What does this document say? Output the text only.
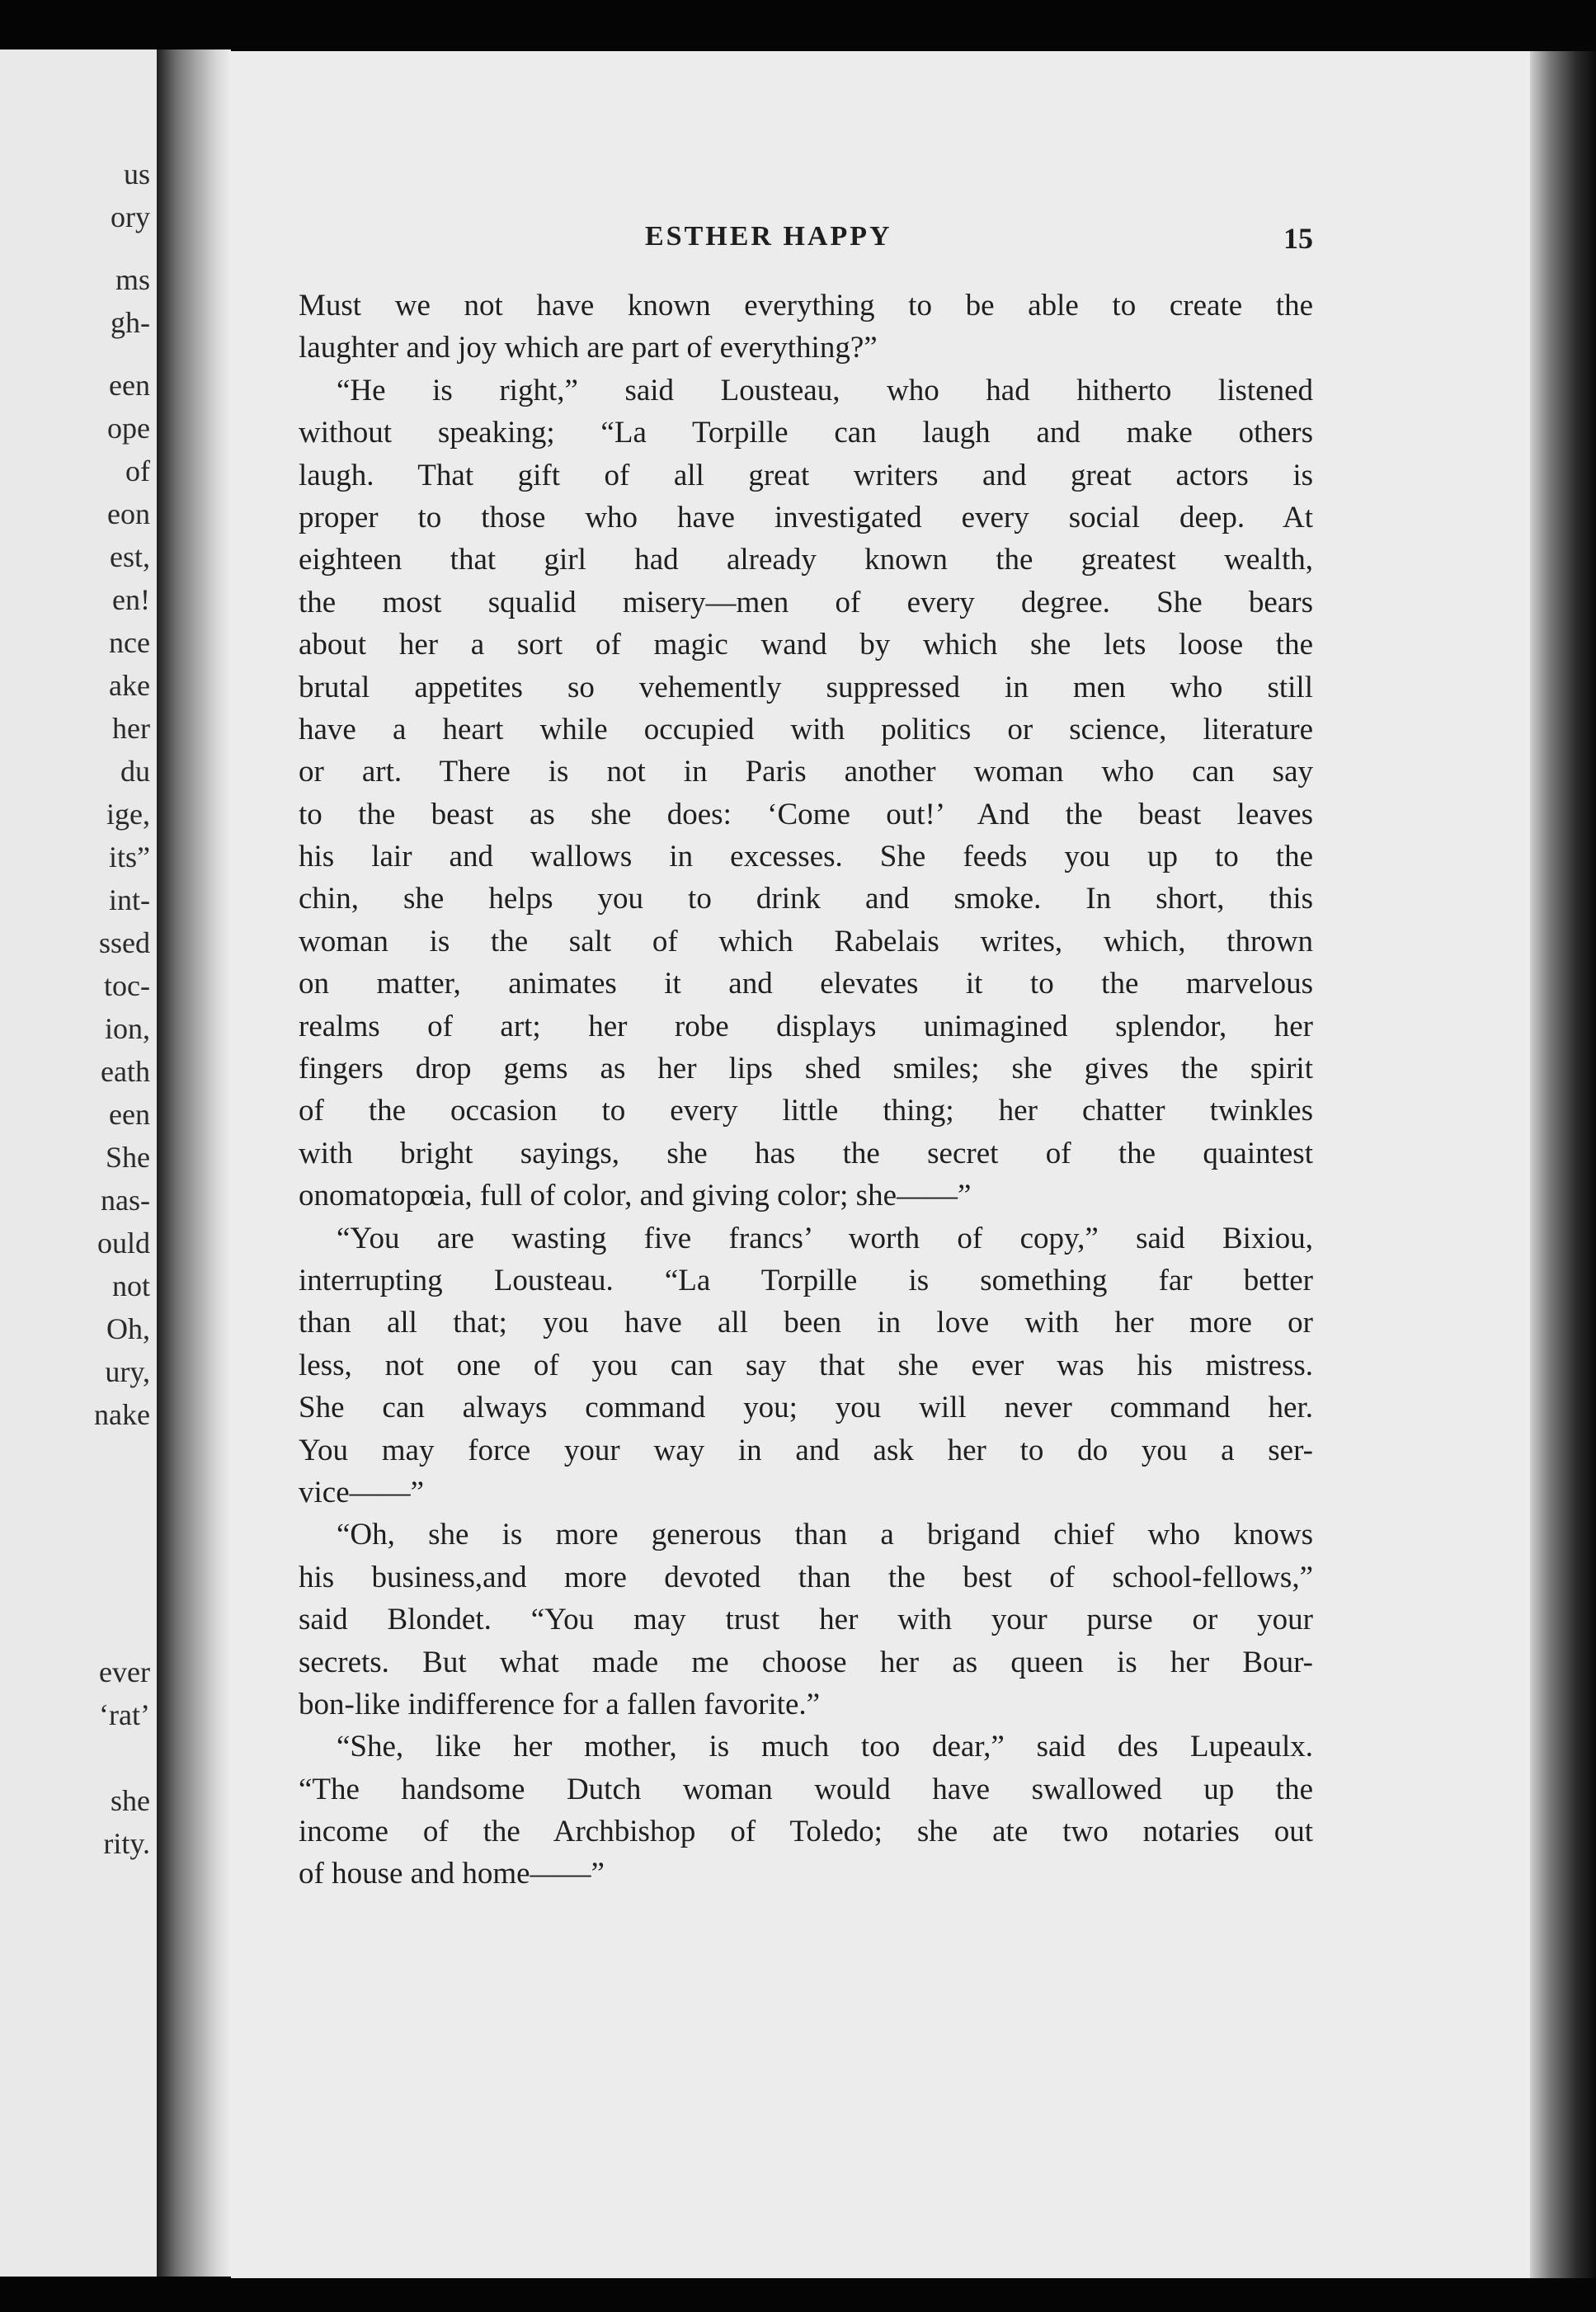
us
ory
ms
gh-
een
ope
of
eon
est,
en!
nce
ake
her
du
ige,
its”
int-
ssed
toc-
ion,
eath
een
She
nas-
ould
not
Oh,
ury,
nake
ever
‘rat’
she
rity.
ESTHER HAPPY	15
Must we not have known everything to be able to create the
laughter and joy which are part of everything?”
“He is right,” said Lousteau, who had hitherto listened
without speaking; “La Torpille can laugh and make others
laugh. That gift of all great writers and great actors is
proper to those who have investigated every social deep. At
eighteen that girl had already known the greatest wealth,
the most squalid misery—men of every degree. She bears
about her a sort of magic wand by which she lets loose the
brutal appetites so vehemently suppressed in men who still
have a heart while occupied with politics or science, literature
or art. There is not in Paris another woman who can say
to the beast as she does: ‘Come out!’ And the beast leaves
his lair and wallows in excesses. She feeds you up to the
chin, she helps you to drink and smoke. In short, this
woman is the salt of which Rabelais writes, which, thrown
on matter, animates it and elevates it to the marvelous
realms of art; her robe displays unimagined splendor, her
fingers drop gems as her lips shed smiles; she gives the spirit
of the occasion to every little thing; her chatter twinkles
with bright sayings, she has the secret of the quaintest
onomatopœia, full of color, and giving color; she——”
“You are wasting five francs’ worth of copy,” said Bixiou,
interrupting Lousteau. “La Torpille is something far better
than all that; you have all been in love with her more or
less, not one of you can say that she ever was his mistress.
She can always command you; you will never command her.
You may force your way in and ask her to do you a ser-
vice——”
“Oh, she is more generous than a brigand chief who knows
his business,and more devoted than the best of school-fellows,”
said Blondet. “You may trust her with your purse or your
secrets. But what made me choose her as queen is her Bour-
bon-like indifference for a fallen favorite.”
“She, like her mother, is much too dear,” said des Lupeaulx.
“The handsome Dutch woman would have swallowed up the
income of the Archbishop of Toledo; she ate two notaries out
of house and home——”
